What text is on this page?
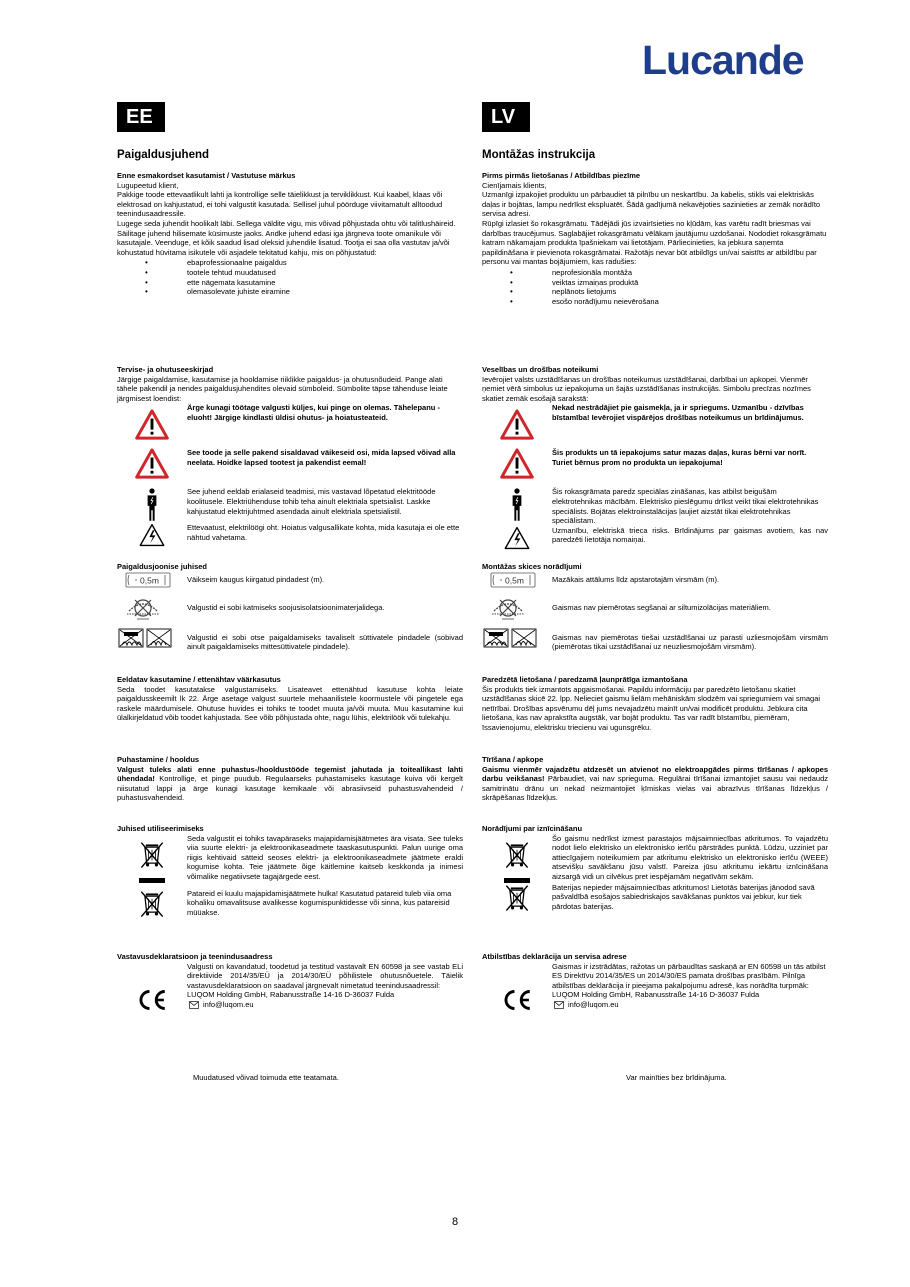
Lucande
EE
Paigaldusjuhend
Enne esmakordset kasutamist / Vastutuse märkus

Lugupeetud klient,

Pakkige toode ettevaatlikult lahti ja kontrollige selle täielikkust ja terviklikkust. Kui kaabel, klaas või elektrosad on kahjustatud, ei tohi valgustit kasutada. Sellisel juhul pöörduge viivitamatult alltoodud teenindusaadressile.

Lugege seda juhendit hoolikalt läbi. Sellega väldite vigu, mis võivad põhjustada ohtu või talitlushäireid. Säilitage juhend hilisemate küsimuste jaoks. Andke juhend edasi iga järgneva toote omanikule või kasutajale. Veenduge, et kõik saadud lisad oleksid juhendile lisatud. Tootja ei saa olla vastutav ja/või kohustatud hüvitama isikutele või asjadele tekitatud kahju, mis on põhjustatud:

• ebaprofessionaalne paigaldus
• tootele tehtud muudatused
• ette nägemata kasutamine
• olemasolevate juhiste eiramine
Tervise- ja ohutuseeskirjad

Järgige paigaldamise, kasutamise ja hooldamise riiklikke paigaldus- ja ohutusnõudeid. Pange alati tähele pakendil ja nendes paigaldusjuhendites olevaid sümboleid. Sümbolite täpse tähenduse leiate järgmisest loendist:

Ärge kunagi töötage valgusti küljes, kui pinge on olemas. Tähelepanu - eluoht! Järgige kindlasti üldisi ohutus- ja hoiatusteateid.
See toode ja selle pakend sisaldavad väikeseid osi, mida lapsed võivad alla neelata. Hoidke lapsed tootest ja pakendist eemal!
See juhend eeldab erialaseid teadmisi, mis vastavad lõpetatud elektritööde koolitusele. Elektriühenduse tohib teha ainult elektriala spetsialist. Laskke kahjustatud elektrijuhtmed asendada ainult elektriala spetsialistil.
Ettevaatust, elektrilöögi oht. Hoiatus valgusallikate kohta, mida kasutaja ei ole ette nähtud vahetama.
Paigaldusjoonise juhised
Väikseim kaugus kiirgatud pindadest (m).
Valgustid ei sobi katmiseks soojusisolatsioonimaterjalidega.
Valgustid ei sobi otse paigaldamiseks tavaliselt süttivatele pindadele (sobivad ainult paigaldamiseks mittesüttivatele pindadele).
Eeldatav kasutamine / ettenähtav väärkasutus

Seda toodet kasutatakse valgustamiseks. Lisateavet ettenähtud kasutuse kohta leiate paigaldusskeemilt lk 22. Ärge asetage valgust suurtele mehaanilistele koormustele või pingetele ega raskele määrdumisele. Ohutuse huvides ei tohiks te toodet muuta ja/või muuta. Muu kasutamine kui ülalkirjeldatud võib toodet kahjustada. See võib põhjustada ohte, nagu lühis, elektrilöök või tulekahju.

Puhastamine / hooldus

Valgust tuleks alati enne puhastus-/hooldustööde tegemist jahutada ja toiteallikast lahti ühendada! Kontrollige, et pinge puudub. Regulaarseks puhastamiseks kasutage kuiva või kergelt niisutatud lappi ja ärge kunagi kasutage kemikaale või abrasiivseid puhastusvahendeid / puhastusvahendeid.

Juhised utiliseerimiseks
Seda valgustit ei tohiks tavapäraseks majapidamisjäätmetes ära visata. See tuleks viia suurte elektri- ja elektroonikaseadmete taaskasutuspunkti. Palun uurige oma riigis kehtivaid sätteid seoses elektri- ja elektroonikaseadmete jäätmete eraldi kogumise kohta. Teie jäätmete õige käitlemine kaitseb keskkonda ja inimesi võimalike negatiivsete tagajärgede eest.
Patareid ei kuulu majapidamisjäätmete hulka! Kasutatud patareid tuleb viia oma kohaliku omavalitsuse avalikesse kogumispunktidesse või sinna, kus patareisid müüakse.
Vastavusdeklaratsioon ja teenindusaadress

Valgusti on kavandatud, toodetud ja testitud vastavalt EN 60598 ja see vastab ELi direktiivide 2014/35/EÜ ja 2014/30/EÜ põhilistele ohutusnõuetele. Täielik vastavusdeklaratsioon on saadaval järgnevalt nimetatud teenindusaadressil:

LUQOM Holding GmbH, Rabanusstraße 14-16 D-36037 Fulda

info@luqom.eu

Muudatused võivad toimuda ette teatamata.
LV
Montāžas instrukcija
Pirms pirmās lietošanas / Atbildības piezīme

Cienījamais klients,

Uzmanīgi izpakojiet produktu un pārbaudiet tā pilnību un neskartību. Ja kabelis, stikls vai elektriskās daļas ir bojātas, lampu nedrīkst ekspluatēt. Šādā gadījumā nekavējoties sazinieties ar zemāk norādīto servisa adresi.

Rūpīgi izlasiet šo rokasgrāmatu. Tādējādi jūs izvairīsieties no kļūdām, kas varētu radīt briesmas vai darbības traucējumus. Saglabājiet rokasgrāmatu vēlākam jautājumu uzdošanai. Nododiet rokasgrāmatu katram nākamajam produkta īpašniekam vai lietotājam. Pārliecinieties, ka jebkura saņemta papildināšana ir pievienota rokasgrāmatai. Ražotājs nevar būt atbildīgs un/vai saistīts ar atbildību par personu vai mantas bojājumiem, kas radušies:

• neprofesionāla montāža
• veiktas izmaiņas produktā
• neplānots lietojums
• esošo norādījumu neievērošana
Veselības un drošības noteikumi

Ievērojiet valsts uzstādīšanas un drošības noteikumus uzstādīšanai, darbībai un apkopei. Vienmēr ņemiet vērā simbolus uz iepakojuma un šajās uzstādīšanas instrukcijās. Simbolu precīzas nozīmes skatiet zemāk esošajā sarakstā:

Nekad nestrādājiet pie gaismekļa, ja ir spriegums. Uzmanību - dzīvības bīstamība! Ievērojiet vispārējos drošības noteikumus un brīdinājumus.
Šis produkts un tā iepakojums satur mazas daļas, kuras bērni var norīt. Turiet bērnus prom no produkta un iepakojuma!
Šis rokasgrāmata paredz speciālas zināšanas, kas atbilst beigušām elektrotehnikas mācībām. Elektrisko pieslēgumu drīkst veikt tikai elektrotehnikas speciālists. Bojātas elektroinstalācijas ļaujiet aizstāt tikai elektrotehnikas speciālistam.
Uzmanību, elektriskā trieca risks. Brīdinājums par gaismas avotiem, kas nav paredzēti lietotāja nomaiņai.
Montāžas skices norādījumi
Mazākais attālums līdz apstarotajām virsmām (m).
Gaismas nav piemērotas segšanai ar siltumizolācijas materiāliem.
Gaismas nav piemērotas tiešai uzstādīšanai uz parasti uzliesmojošām virsmām (piemērotas tikai uzstādīšanai uz neuzliesmojošām virsmām).
Paredzētā lietošana / paredzamā ļaunprātīga izmantošana

Šis produkts tiek izmantots apgaismošanai. Papildu informāciju par paredzēto lietošanu skatiet uzstādīšanas skicē 22. lpp. Nelieciet gaismu lielām mehāniskām slodzēm vai spriegumiem vai smagai netīrībai. Drošības apsvērumu dēļ jums nevajadzētu mainīt un/vai modificēt produktu. Jebkura cita lietošana, kas nav aprakstīta augstāk, var bojāt produktu. Tas var radīt bīstamību, piemēram, īssavienojumu, elektrisku triecienu vai ugunsgrēku.

Tīrīšana / apkope

Gaismu vienmēr vajadzētu atdzesēt un atvienot no elektroapgādes pirms tīrīšanas / apkopes darbu veikšanas! Pārbaudiet, vai nav sprieguma. Regulārai tīrīšanai izmantojiet sausu vai nedaudz samitrinātu drānu un nekad neizmantojiet ķīmiskas vielas vai abrazīvus tīrīšanas līdzekļus / skrāpēšanas līdzekļus.

Norādījumi par iznīcināšanu
Šo gaismu nedrīkst izmest parastajos mājsaimniecības atkritumos. To vajadzētu nodot lielo elektrisko un elektronisko ierīču pārstrādes punktā. Lūdzu, uzziniet par attiecīgajiem noteikumiem par atkritumu elektrisko un elektronisko ierīču (WEEE) atsevišķu savākšanu jūsu valstī. Pareiza jūsu atkritumu iekārtu iznīcināšana aizsargā vidi un cilvēkus pret iespējamām negatīvām sekām.
Baterijas nepieder mājsaimniecības atkritumos! Lietotās baterijas jānodod savā pašvaldībā esošajos sabiedriskajos savākšanas punktos vai jebkur, kur tiek pārdotas baterijas.
Atbilstības deklarācija un servisa adrese

Gaismas ir izstrādātas, ražotas un pārbaudītas saskaņā ar EN 60598 un tās atbilst ES Direktīvu 2014/35/ES un 2014/30/ES pamata drošības prasībām. Pilnīga atbilstības deklarācija ir pieejama pakalpojumu adresē, kas norādīta turpmāk:

LUQOM Holding GmbH, Rabanusstraße 14-16 D-36037 Fulda

info@luqom.eu

Var mainīties bez brīdinājuma.
8
